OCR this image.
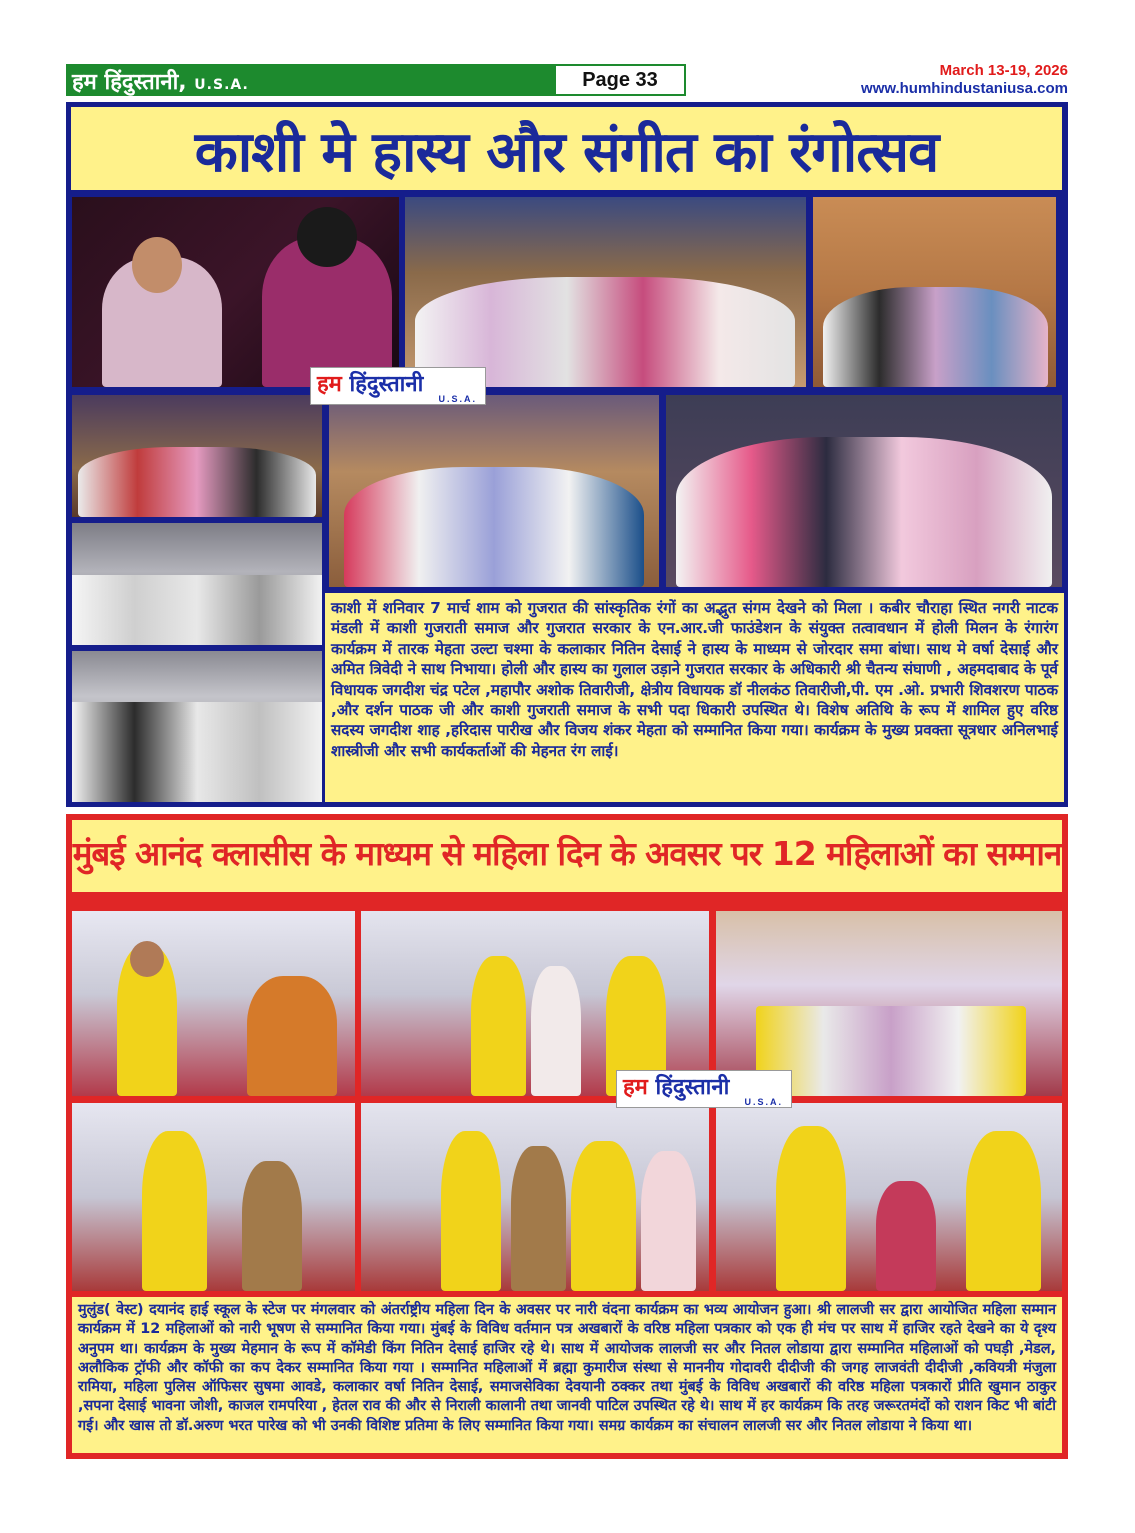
हम हिंदुस्तानी, U.S.A.	Page 33	March 13-19, 2026
www.humhindustaniusa.com
काशी मे हास्य और संगीत का रंगोत्सव
हम हिंदुस्तानी
U.S.A.
काशी में शनिवार 7 मार्च शाम को गुजरात की सांस्कृतिक रंगों का अद्भुत संगम देखने को मिला । कबीर चौराहा स्थित नगरी नाटक मंडली में काशी गुजराती समाज और गुजरात सरकार के एन.आर.जी फाउंडेशन के संयुक्त तत्वावधान में होली मिलन के रंगारंग कार्यक्रम में तारक मेहता उल्टा चश्मा के कलाकार नितिन देसाई ने हास्य के माध्यम से जोरदार समा बांधा। साथ मे वर्षा देसाई और अमित त्रिवेदी ने साथ निभाया। होली और हास्य का गुलाल उड़ाने गुजरात सरकार के अधिकारी श्री चैतन्य संघाणी , अहमदाबाद के पूर्व विधायक जगदीश चंद्र पटेल ,महापौर अशोक तिवारीजी, क्षेत्रीय विधायक डॉ नीलकंठ तिवारीजी,पी. एम .ओ. प्रभारी शिवशरण पाठक ,और दर्शन पाठक जी और काशी गुजराती समाज के सभी पदा धिकारी उपस्थित थे। विशेष अतिथि के रूप में शामिल हुए वरिष्ठ सदस्य जगदीश शाह ,हरिदास पारीख और विजय शंकर मेहता को सम्मानित किया गया। कार्यक्रम के मुख्य प्रवक्ता सूत्रधार अनिलभाई शास्त्रीजी और सभी कार्यकर्ताओं की मेहनत रंग लाई।
मुंबई आनंद क्लासीस के माध्यम से महिला दिन के अवसर पर 12 महिलाओं का सम्मान
हम हिंदुस्तानी
U.S.A.
मुलुंड( वेस्ट) दयानंद हाई स्कूल के स्टेज पर मंगलवार को अंतर्राष्ट्रीय महिला दिन के अवसर पर नारी वंदना कार्यक्रम का भव्य आयोजन हुआ। श्री लालजी सर द्वारा आयोजित महिला सम्मान कार्यक्रम में 12 महिलाओं को नारी भूषण से सम्मानित किया गया। मुंबई के विविध वर्तमान पत्र अखबारों के वरिष्ठ महिला पत्रकार को एक ही मंच पर साथ में हाजिर रहते देखने का ये दृश्य अनुपम था। कार्यक्रम के मुख्य मेहमान के रूप में कॉमेडी किंग नितिन देसाई हाजिर रहे थे। साथ में आयोजक लालजी सर और नितल लोडाया द्वारा सम्मानित महिलाओं को पघड़ी ,मेडल, अलौकिक ट्रॉफी और कॉफी का कप देकर सम्मानित किया गया । सम्मानित महिलाओं में ब्रह्मा कुमारीज संस्था से माननीय गोदावरी दीदीजी की जगह लाजवंती दीदीजी ,कवियत्री मंजुला रामिया, महिला पुलिस ऑफिसर सुषमा आवडे, कलाकार वर्षा नितिन देसाई, समाजसेविका देवयानी ठक्कर तथा मुंबई के विविध अखबारों की वरिष्ठ महिला पत्रकारों प्रीति खुमान ठाकुर ,सपना देसाई भावना जोशी, काजल रामपरिया , हेतल राव की और से निराली कालानी तथा जानवी पाटिल उपस्थित रहे थे। साथ में हर कार्यक्रम कि तरह जरूरतमंदों को राशन किट भी बांटी गई। और खास तो डॉ.अरुण भरत पारेख को भी उनकी विशिष्ट प्रतिमा के लिए सम्मानित किया गया। समग्र कार्यक्रम का संचालन लालजी सर और नितल लोडाया ने किया था।
